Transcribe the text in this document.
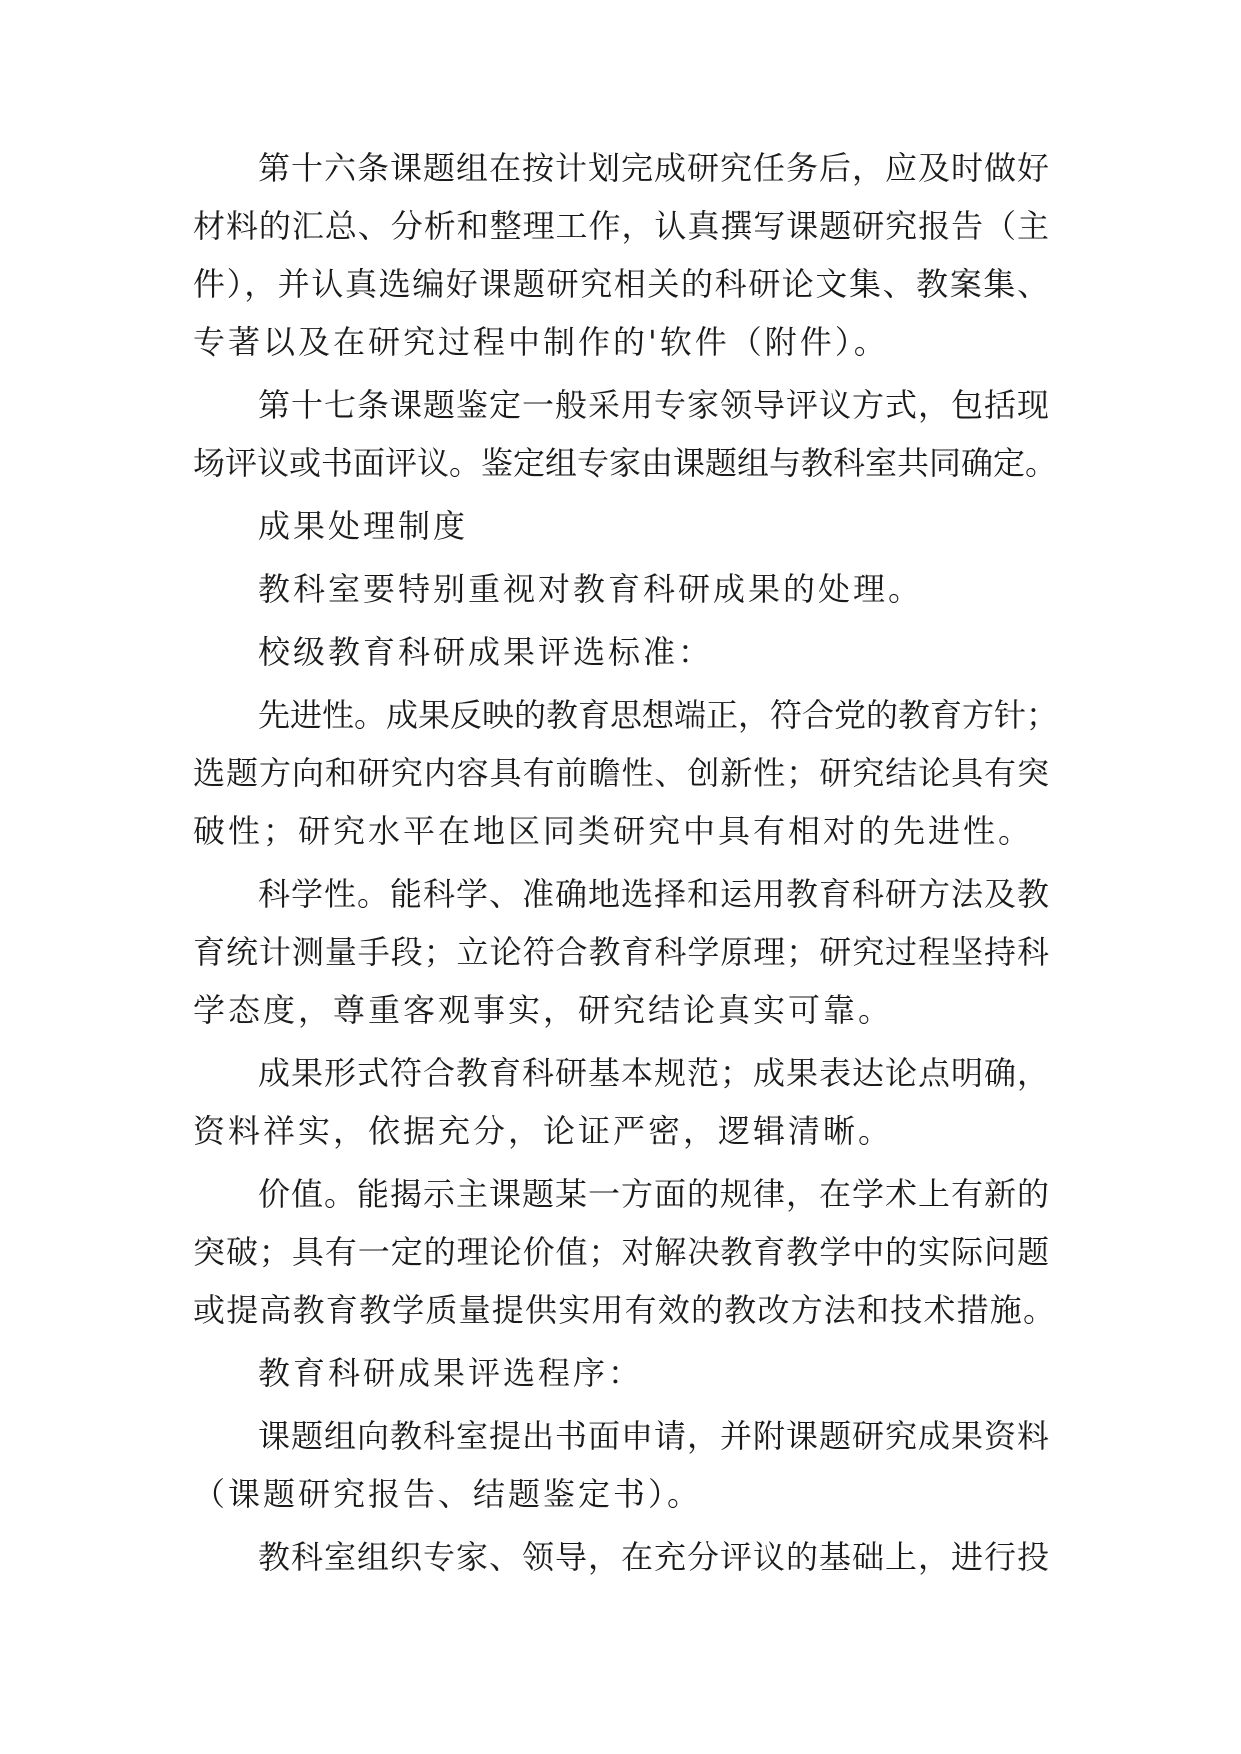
第十六条课题组在按计划完成研究任务后，应及时做好
材料的汇总、分析和整理工作，认真撰写课题研究报告（主
件），并认真选编好课题研究相关的科研论文集、教案集、
专著以及在研究过程中制作的'软件（附件）。
第十七条课题鉴定一般采用专家领导评议方式，包括现
场评议或书面评议。鉴定组专家由课题组与教科室共同确定。
成果处理制度
教科室要特别重视对教育科研成果的处理。
校级教育科研成果评选标准：
先进性。成果反映的教育思想端正，符合党的教育方针；
选题方向和研究内容具有前瞻性、创新性；研究结论具有突
破性；研究水平在地区同类研究中具有相对的先进性。
科学性。能科学、准确地选择和运用教育科研方法及教
育统计测量手段；立论符合教育科学原理；研究过程坚持科
学态度，尊重客观事实，研究结论真实可靠。
成果形式符合教育科研基本规范；成果表达论点明确，
资料祥实，依据充分，论证严密，逻辑清晰。
价值。能揭示主课题某一方面的规律，在学术上有新的
突破；具有一定的理论价值；对解决教育教学中的实际问题
或提高教育教学质量提供实用有效的教改方法和技术措施。
教育科研成果评选程序：
课题组向教科室提出书面申请，并附课题研究成果资料
（课题研究报告、结题鉴定书）。
教科室组织专家、领导，在充分评议的基础上，进行投
